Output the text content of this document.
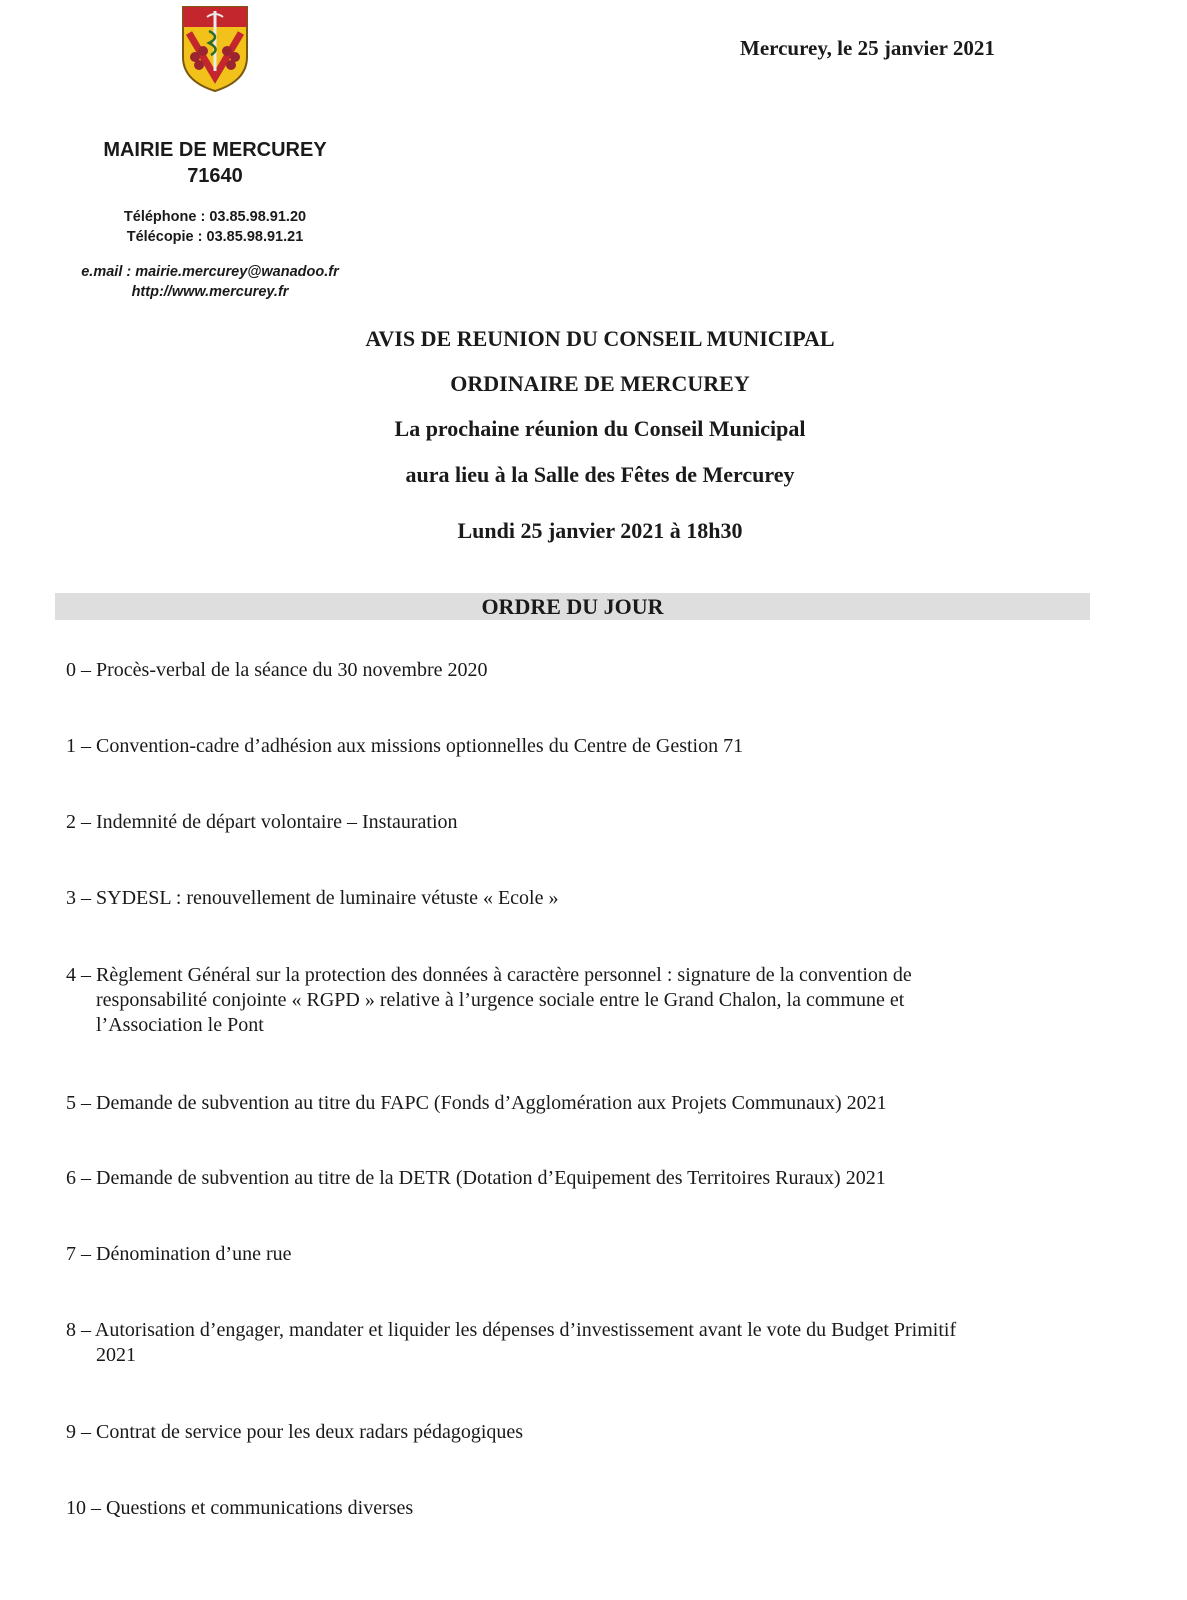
Mercurey, le 25 janvier 2021
MAIRIE DE MERCUREY
71640
Téléphone : 03.85.98.91.20
Télécopie : 03.85.98.91.21
e.mail : mairie.mercurey@wanadoo.fr
http://www.mercurey.fr
AVIS DE REUNION DU CONSEIL MUNICIPAL
ORDINAIRE DE MERCUREY
La prochaine réunion du Conseil Municipal
aura lieu à la Salle des Fêtes de Mercurey
Lundi 25 janvier 2021 à 18h30
ORDRE DU JOUR
0 – Procès-verbal de la séance du 30 novembre 2020
1 – Convention-cadre d’adhésion aux missions optionnelles du Centre de Gestion 71
2 – Indemnité de départ volontaire – Instauration
3 – SYDESL : renouvellement de luminaire vétuste « Ecole »
4 – Règlement Général sur la protection des données à caractère personnel : signature de la convention de
responsabilité conjointe « RGPD » relative à l’urgence sociale entre le Grand Chalon, la commune et
l’Association le Pont
5 – Demande de subvention au titre du FAPC (Fonds d’Agglomération aux Projets Communaux) 2021
6 – Demande de subvention au titre de la DETR (Dotation d’Equipement des Territoires Ruraux) 2021
7 – Dénomination d’une rue
8 – Autorisation d’engager, mandater et liquider les dépenses d’investissement avant le vote du Budget Primitif
2021
9 – Contrat de service pour les deux radars pédagogiques
10 – Questions et communications diverses
